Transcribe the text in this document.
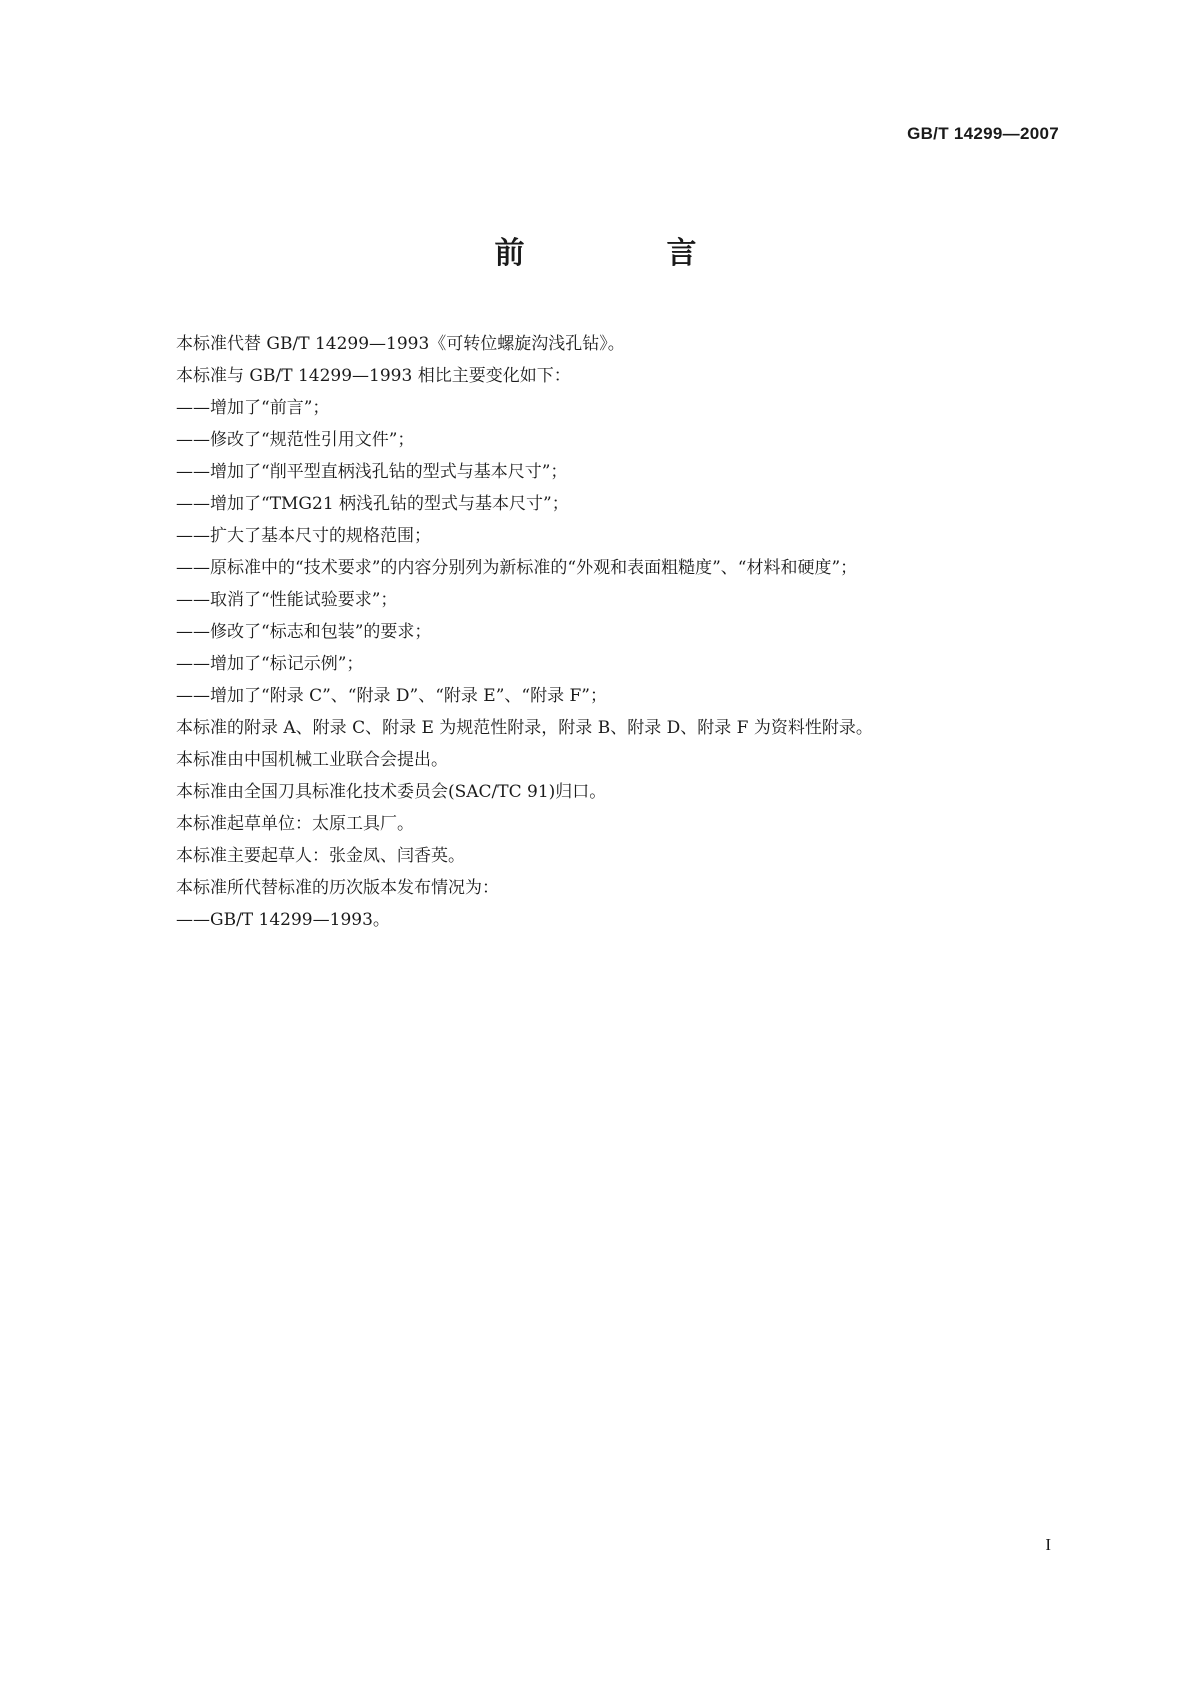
GB/T 14299—2007
前　言

本标准代替 GB/T 14299—1993《可转位螺旋沟浅孔钻》。

本标准与 GB/T 14299—1993 相比主要变化如下：

——增加了“前言”；

——修改了“规范性引用文件”；

——增加了“削平型直柄浅孔钻的型式与基本尺寸”；

——增加了“TMG21 柄浅孔钻的型式与基本尺寸”；

——扩大了基本尺寸的规格范围；

——原标准中的“技术要求”的内容分别列为新标准的“外观和表面粗糙度”、“材料和硬度”；

——取消了“性能试验要求”；

——修改了“标志和包装”的要求；

——增加了“标记示例”；

——增加了“附录 C”、“附录 D”、“附录 E”、“附录 F”；

本标准的附录 A、附录 C、附录 E 为规范性附录，附录 B、附录 D、附录 F 为资料性附录。

本标准由中国机械工业联合会提出。

本标准由全国刀具标准化技术委员会(SAC/TC 91)归口。

本标准起草单位：太原工具厂。

本标准主要起草人：张金凤、闫香英。

本标准所代替标准的历次版本发布情况为：

——GB/T 14299—1993。

I
